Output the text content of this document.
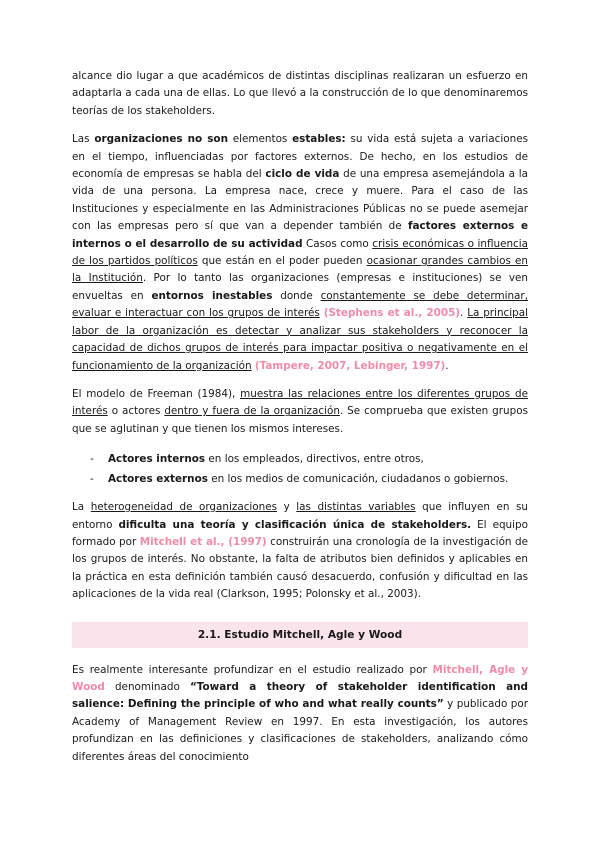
alcance dio lugar a que académicos de distintas disciplinas realizaran un esfuerzo en adaptarla a cada una de ellas. Lo que llevó a la construcción de lo que denominaremos teorías de los stakeholders.

Las organizaciones no son elementos estables: su vida está sujeta a variaciones en el tiempo, influenciadas por factores externos. De hecho, en los estudios de economía de empresas se habla del ciclo de vida de una empresa asemejándola a la vida de una persona. La empresa nace, crece y muere. Para el caso de las Instituciones y especialmente en las Administraciones Públicas no se puede asemejar con las empresas pero sí que van a depender también de factores externos e internos o el desarrollo de su actividad Casos como crisis económicas o influencia de los partidos políticos que están en el poder pueden ocasionar grandes cambios en la Institución. Por lo tanto las organizaciones (empresas e instituciones) se ven envueltas en entornos inestables donde constantemente se debe determinar, evaluar e interactuar con los grupos de interés (Stephens et al., 2005). La principal labor de la organización es detectar y analizar sus stakeholders y reconocer la capacidad de dichos grupos de interés para impactar positiva o negativamente en el funcionamiento de la organización (Tampere, 2007, Lebinger, 1997).

El modelo de Freeman (1984), muestra las relaciones entre los diferentes grupos de interés o actores dentro y fuera de la organización. Se comprueba que existen grupos que se aglutinan y que tienen los mismos intereses.

- Actores internos en los empleados, directivos, entre otros,
- Actores externos en los medios de comunicación, ciudadanos o gobiernos.

La heterogeneidad de organizaciones y las distintas variables que influyen en su entorno dificulta una teoría y clasificación única de stakeholders. El equipo formado por Mitchell et al., (1997) construirán una cronología de la investigación de los grupos de interés. No obstante, la falta de atributos bien definidos y aplicables en la práctica en esta definición también causó desacuerdo, confusión y dificultad en las aplicaciones de la vida real (Clarkson, 1995; Polonsky et al., 2003).

2.1. Estudio Mitchell, Agle y Wood

Es realmente interesante profundizar en el estudio realizado por Mitchell, Agle y Wood denominado “Toward a theory of stakeholder identification and salience: Defining the principle of who and what really counts” y publicado por Academy of Management Review en 1997. En esta investigación, los autores profundizan en las definiciones y clasificaciones de stakeholders, analizando cómo diferentes áreas del conocimiento
